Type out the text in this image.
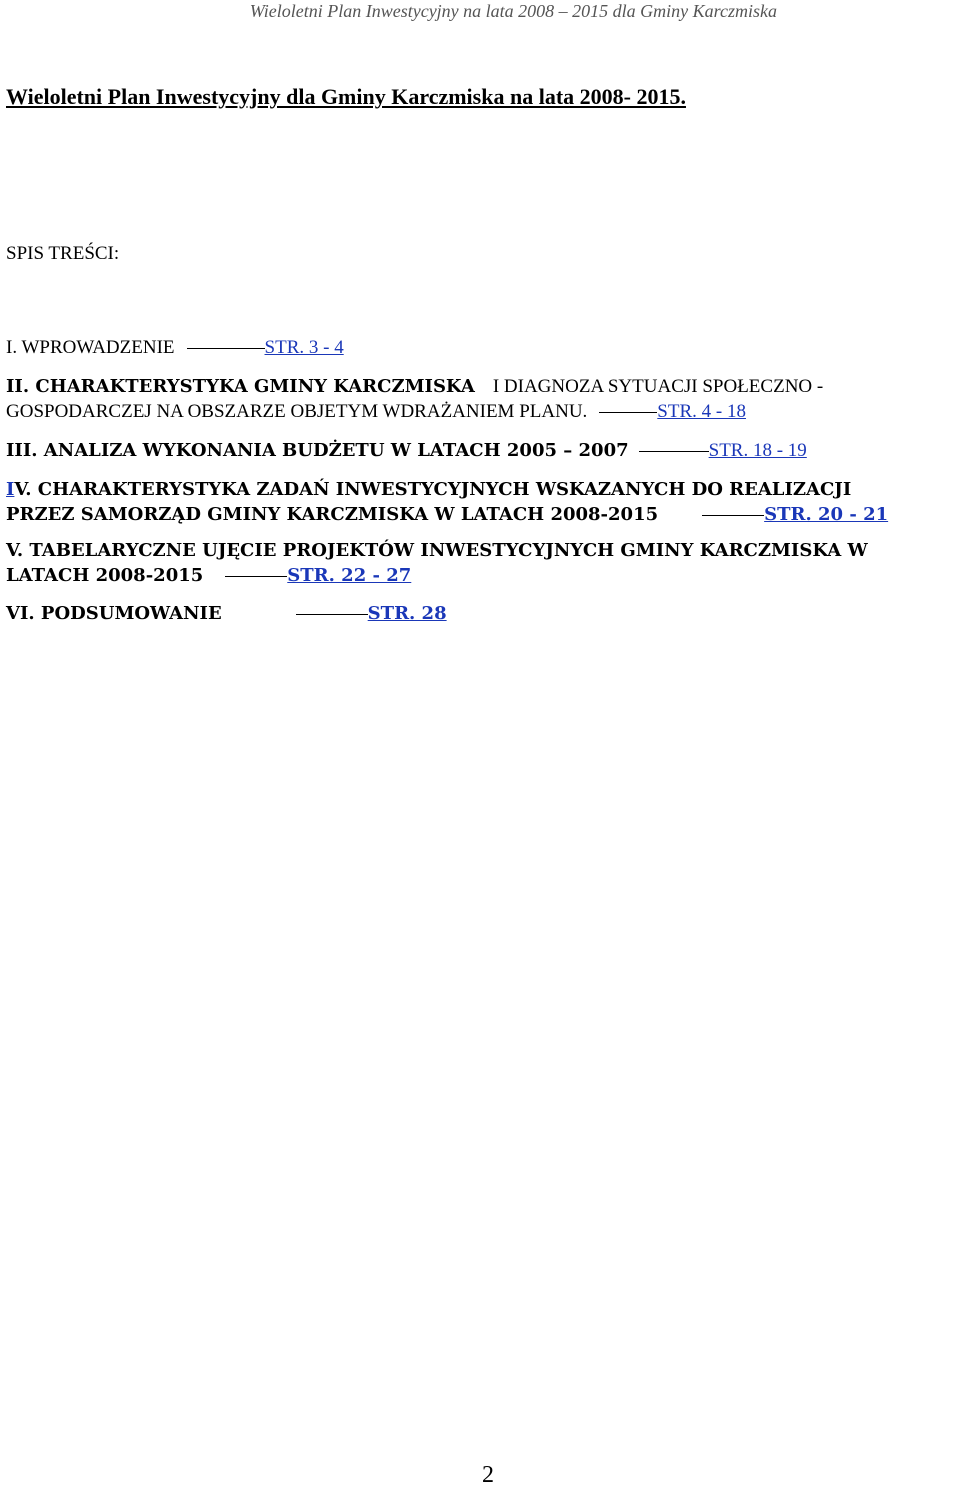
Wieloletni Plan Inwestycyjny na lata 2008 – 2015 dla Gminy Karczmiska
Wieloletni Plan Inwestycyjny dla Gminy Karczmiska na lata 2008- 2015.
SPIS TREŚCI:
I. WPROWADZENIE	STR. 3 - 4
II. CHARAKTERYSTYKA GMINY KARCZMISKA I DIAGNOZA SYTUACJI SPOŁECZNO -
GOSPODARCZEJ NA OBSZARZE OBJETYM WDRAŻANIEM PLANU.	STR. 4 - 18
III. ANALIZA WYKONANIA BUDŻETU W LATACH 2005 – 2007	STR. 18 - 19
IV. CHARAKTERYSTYKA ZADAŃ INWESTYCYJNYCH WSKAZANYCH DO REALIZACJI
PRZEZ SAMORZĄD GMINY KARCZMISKA W LATACH 2008-2015	STR. 20 - 21
V. TABELARYCZNE UJĘCIE PROJEKTÓW INWESTYCYJNYCH GMINY KARCZMISKA W
LATACH 2008-2015	STR. 22 - 27
VI. PODSUMOWANIE	STR. 28
2
